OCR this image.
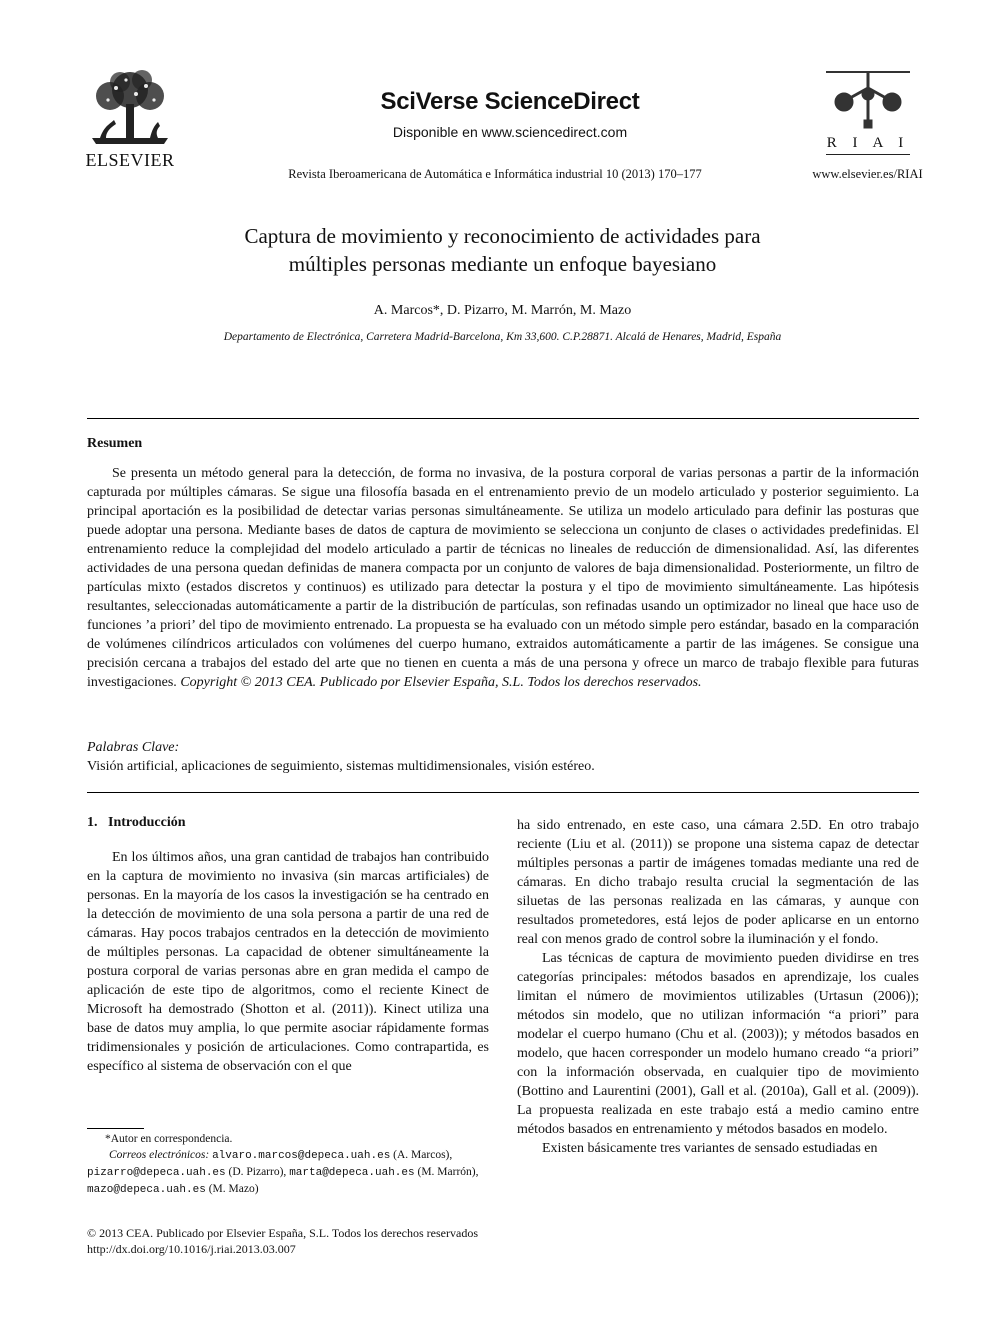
ELSEVIER
SciVerse ScienceDirect
Disponible en www.sciencedirect.com
Revista Iberoamericana de Automática e Informática industrial 10 (2013) 170–177
R I A I
www.elsevier.es/RIAI
Captura de movimiento y reconocimiento de actividades para
múltiples personas mediante un enfoque bayesiano
A. Marcos*, D. Pizarro, M. Marrón, M. Mazo
Departamento de Electrónica, Carretera Madrid-Barcelona, Km 33,600. C.P.28871. Alcalá de Henares, Madrid, España
Resumen

Se presenta un método general para la detección, de forma no invasiva, de la postura corporal de varias personas a partir de la información capturada por múltiples cámaras. Se sigue una filosofía basada en el entrenamiento previo de un modelo articulado y posterior seguimiento. La principal aportación es la posibilidad de detectar varias personas simultáneamente. Se utiliza un modelo articulado para definir las posturas que puede adoptar una persona. Mediante bases de datos de captura de movimiento se selecciona un conjunto de clases o actividades predefinidas. El entrenamiento reduce la complejidad del modelo articulado a partir de técnicas no lineales de reducción de dimensionalidad. Así, las diferentes actividades de una persona quedan definidas de manera compacta por un conjunto de valores de baja dimensionalidad. Posteriormente, un filtro de partículas mixto (estados discretos y continuos) es utilizado para detectar la postura y el tipo de movimiento simultáneamente. Las hipótesis resultantes, seleccionadas automáticamente a partir de la distribución de partículas, son refinadas usando un optimizador no lineal que hace uso de funciones ’a priori’ del tipo de movimiento entrenado. La propuesta se ha evaluado con un método simple pero estándar, basado en la comparación de volúmenes cilíndricos articulados con volúmenes del cuerpo humano, extraidos automáticamente a partir de las imágenes. Se consigue una precisión cercana a trabajos del estado del arte que no tienen en cuenta a más de una persona y ofrece un marco de trabajo flexible para futuras investigaciones. Copyright © 2013 CEA. Publicado por Elsevier España, S.L. Todos los derechos reservados.

Palabras Clave:
Visión artificial, aplicaciones de seguimiento, sistemas multidimensionales, visión estéreo.
1.   Introducción

En los últimos años, una gran cantidad de trabajos han contribuido en la captura de movimiento no invasiva (sin marcas artificiales) de personas. En la mayoría de los casos la investigación se ha centrado en la detección de movimiento de una sola persona a partir de una red de cámaras. Hay pocos trabajos centrados en la detección de movimiento de múltiples personas. La capacidad de obtener simultáneamente la postura corporal de varias personas abre en gran medida el campo de aplicación de este tipo de algoritmos, como el reciente Kinect de Microsoft ha demostrado (Shotton et al. (2011)). Kinect utiliza una base de datos muy amplia, lo que permite asociar rápidamente formas tridimensionales y posición de articulaciones. Como contrapartida, es específico al sistema de observación con el que

ha sido entrenado, en este caso, una cámara 2.5D. En otro trabajo reciente (Liu et al. (2011)) se propone una sistema capaz de detectar múltiples personas a partir de imágenes tomadas mediante una red de cámaras. En dicho trabajo resulta crucial la segmentación de las siluetas de las personas realizada en las cámaras, y aunque con resultados prometedores, está lejos de poder aplicarse en un entorno real con menos grado de control sobre la iluminación y el fondo.

Las técnicas de captura de movimiento pueden dividirse en tres categorías principales: métodos basados en aprendizaje, los cuales limitan el número de movimientos utilizables (Urtasun (2006)); métodos sin modelo, que no utilizan información “a priori” para modelar el cuerpo humano (Chu et al. (2003)); y métodos basados en modelo, que hacen corresponder un modelo humano creado “a priori” con la información observada, en cualquier tipo de movimiento (Bottino and Laurentini (2001), Gall et al. (2010a), Gall et al. (2009)). La propuesta realizada en este trabajo está a medio camino entre métodos basados en entrenamiento y métodos basados en modelo.

Existen básicamente tres variantes de sensado estudiadas en

*Autor en correspondencia.
Correos electrónicos: alvaro.marcos@depeca.uah.es (A. Marcos), pizarro@depeca.uah.es (D. Pizarro), marta@depeca.uah.es (M. Marrón), mazo@depeca.uah.es (M. Mazo)
© 2013 CEA. Publicado por Elsevier España, S.L. Todos los derechos reservados
http://dx.doi.org/10.1016/j.riai.2013.03.007
